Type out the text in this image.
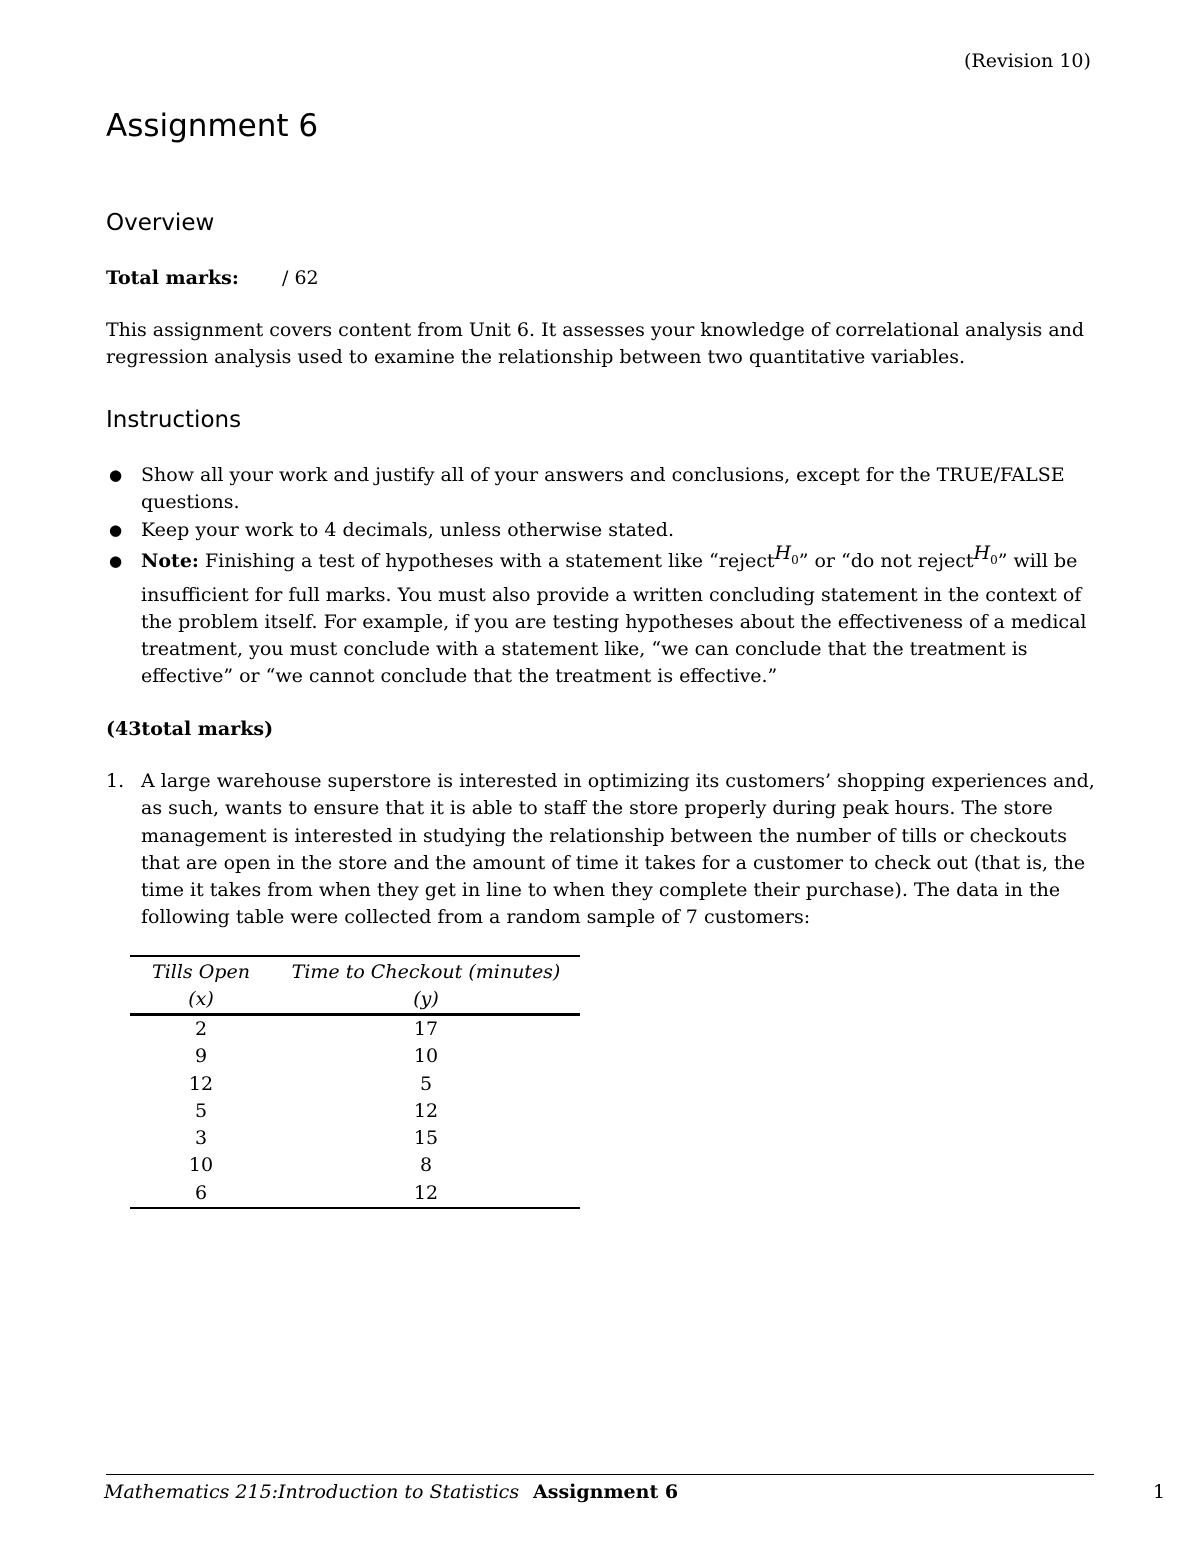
(Revision 10)
Assignment 6
Overview
Total marks: / 62

This assignment covers content from Unit 6. It assesses your knowledge of correlational analysis and regression analysis used to examine the relationship between two quantitative variables.

Instructions
● Show all your work and justify all of your answers and conclusions, except for the TRUE/FALSE questions.
● Keep your work to 4 decimals, unless otherwise stated.
● Note: Finishing a test of hypotheses with a statement like “rejectH$_0$” or “do not rejectH$_0$” will be insufficient for full marks. You must also provide a written concluding statement in the context of the problem itself. For example, if you are testing hypotheses about the effectiveness of a medical treatment, you must conclude with a statement like, “we can conclude that the treatment is effective” or “we cannot conclude that the treatment is effective.”
(43total marks)
1. A large warehouse superstore is interested in optimizing its customers’ shopping experiences and, as such, wants to ensure that it is able to staff the store properly during peak hours. The store management is interested in studying the relationship between the number of tills or checkouts that are open in the store and the amount of time it takes for a customer to check out (that is, the time it takes from when they get in line to when they complete their purchase). The data in the following table were collected from a random sample of 7 customers:
Tills Open	Time to Checkout (minutes)
(x)	(y)
2	17
9	10
12	5
5	12
3	15
10	8
6	12
Mathematics 215:Introduction to Statistics Assignment 6	1
